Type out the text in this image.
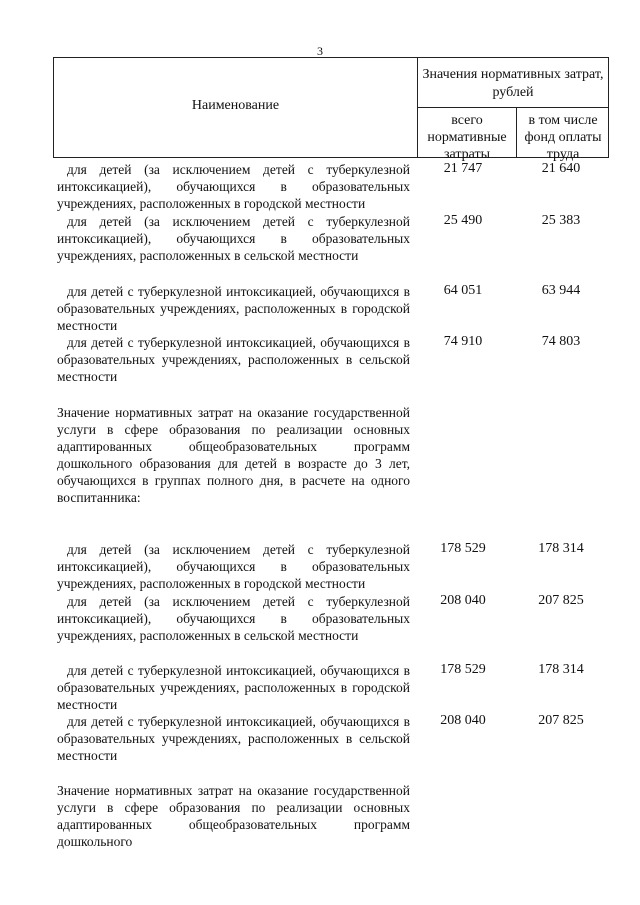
3
Наименование
Значения нормативных затрат, рублей
всего нормативные затраты
в том числе фонд оплаты труда
для детей (за исключением детей с туберкулезной интоксикацией), обучающихся в образовательных учреждениях, расположенных в городской местности
21 747	21 640
для детей (за исключением детей с туберкулезной интоксикацией), обучающихся в образовательных учреждениях, расположенных в сельской местности
25 490	25 383
для детей с туберкулезной интоксикацией, обучающихся в образовательных учреждениях, расположенных в городской местности
64 051	63 944
для детей с туберкулезной интоксикацией, обучающихся в образовательных учреждениях, расположенных в сельской местности
74 910	74 803
Значение нормативных затрат на оказание государственной услуги в сфере образования по реализации основных адаптированных общеобразовательных программ дошкольного образования для детей в возрасте до 3 лет, обучающихся в группах полного дня, в расчете на одного воспитанника:
для детей (за исключением детей с туберкулезной интоксикацией), обучающихся в образовательных учреждениях, расположенных в городской местности
178 529	178 314
для детей (за исключением детей с туберкулезной интоксикацией), обучающихся в образовательных учреждениях, расположенных в сельской местности
208 040	207 825
для детей с туберкулезной интоксикацией, обучающихся в образовательных учреждениях, расположенных в городской местности
178 529	178 314
для детей с туберкулезной интоксикацией, обучающихся в образовательных учреждениях, расположенных в сельской местности
208 040	207 825
Значение нормативных затрат на оказание государственной услуги в сфере образования по реализации основных адаптированных общеобразовательных программ дошкольного
